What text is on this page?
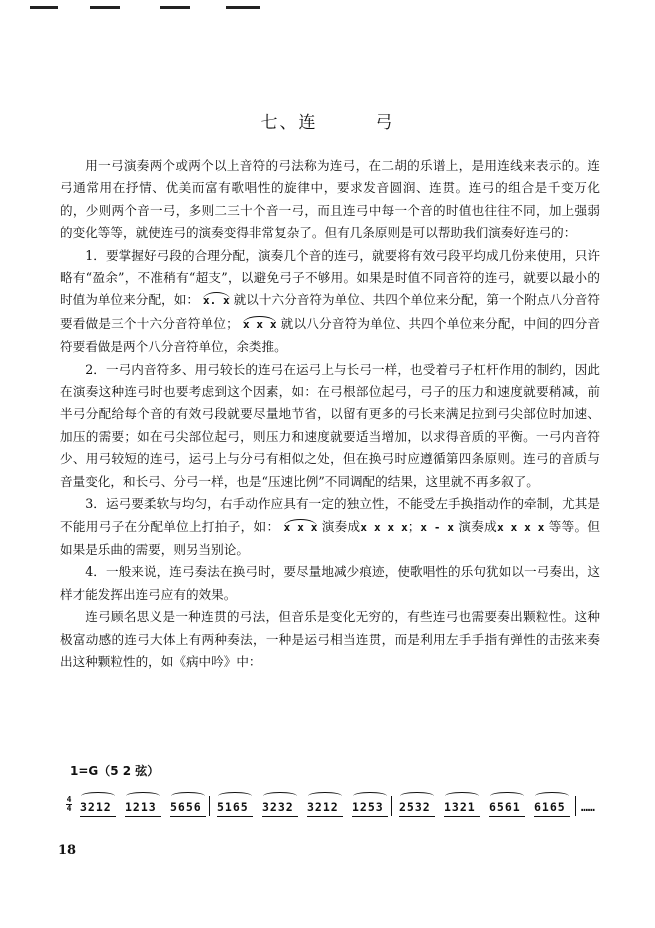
七、连	弓

用一弓演奏两个或两个以上音符的弓法称为连弓，在二胡的乐谱上，是用连线来表示的。连弓通常用在抒情、优美而富有歌唱性的旋律中，要求发音圆润、连贯。连弓的组合是千变万化的，少则两个音一弓，多则二三十个音一弓，而且连弓中每一个音的时值也往往不同，加上强弱的变化等等，就使连弓的演奏变得非常复杂了。但有几条原则是可以帮助我们演奏好连弓的：

1．要掌握好弓段的合理分配，演奏几个音的连弓，就要将有效弓段平均成几份来使用，只许略有“盈余”，不准稍有“超支”，以避免弓子不够用。如果是时值不同音符的连弓，就要以最小的时值为单位来分配，如： x. x 就以十六分音符为单位、共四个单位来分配，第一个附点八分音符要看做是三个十六分音符单位； x x x 就以八分音符为单位、共四个单位来分配，中间的四分音符要看做是两个八分音符单位，余类推。

2．一弓内音符多、用弓较长的连弓在运弓上与长弓一样，也受着弓子杠杆作用的制约，因此在演奏这种连弓时也要考虑到这个因素，如：在弓根部位起弓，弓子的压力和速度就要稍减，前半弓分配给每个音的有效弓段就要尽量地节省，以留有更多的弓长来满足拉到弓尖部位时加速、加压的需要；如在弓尖部位起弓，则压力和速度就要适当增加，以求得音质的平衡。一弓内音符少、用弓较短的连弓，运弓上与分弓有相似之处，但在换弓时应遵循第四条原则。连弓的音质与音量变化，和长弓、分弓一样，也是“压速比例”不同调配的结果，这里就不再多叙了。

3．运弓要柔软与均匀，右手动作应具有一定的独立性，不能受左手换指动作的牵制，尤其是不能用弓子在分配单位上打拍子，如： x x x 演奏成x x x x；x - x 演奏成x x x x 等等。但如果是乐曲的需要，则另当别论。

4．一般来说，连弓奏法在换弓时，要尽量地减少痕迹，使歌唱性的乐句犹如以一弓奏出，这样才能发挥出连弓应有的效果。

连弓顾名思义是一种连贯的弓法，但音乐是变化无穷的，有些连弓也需要奏出颗粒性。这种极富动感的连弓大体上有两种奏法，一种是运弓相当连贯，而是利用左手手指有弹性的击弦来奏出这种颗粒性的，如《病中吟》中：

1=G（5 2 弦）
4
4 3212	1213	5656	5165	3232	3212	1253	2532	1321	6561	6165	……
18
